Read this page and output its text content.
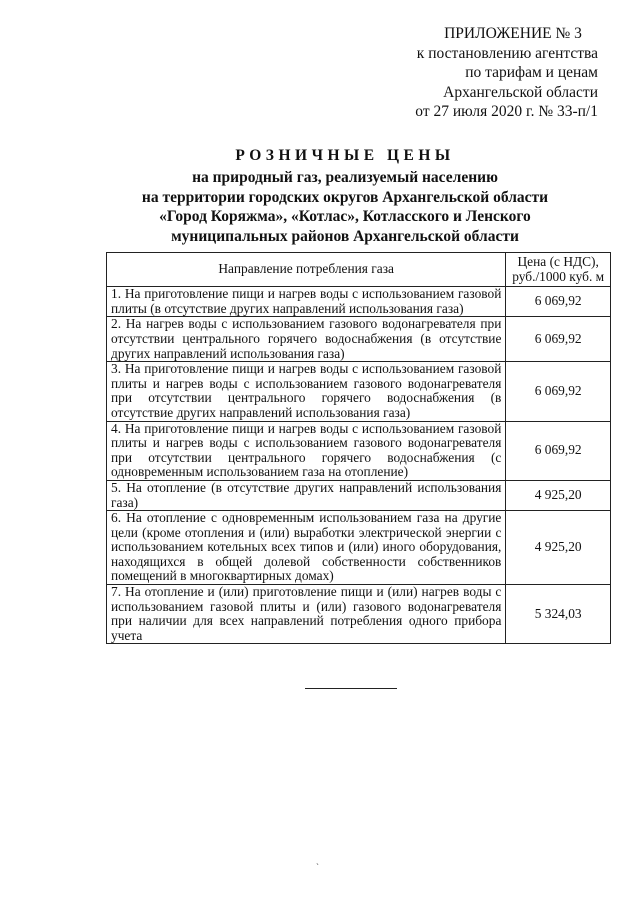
ПРИЛОЖЕНИЕ № 3
к постановлению агентства
по тарифам и ценам
Архангельской области
от 27 июля 2020 г. № 33-п/1
РОЗНИЧНЫЕ ЦЕНЫ
на природный газ, реализуемый населению
на территории городских округов Архангельской области
«Город Коряжма», «Котлас», Котласского и Ленского
муниципальных районов Архангельской области
Направление потребления газа	Цена (с НДС), руб./1000 куб. м
1. На приготовление пищи и нагрев воды с использованием газовой плиты (в отсутствие других направлений использования газа)	6 069,92
2. На нагрев воды с использованием газового водонагревателя при отсутствии центрального горячего водоснабжения (в отсутствие других направлений использования газа)	6 069,92
3. На приготовление пищи и нагрев воды с использованием газовой плиты и нагрев воды с использованием газового водонагревателя при отсутствии центрального горячего водоснабжения (в отсутствие других направлений использования газа)	6 069,92
4. На приготовление пищи и нагрев воды с использованием газовой плиты и нагрев воды с использованием газового водонагревателя при отсутствии центрального горячего водоснабжения (с одновременным использованием газа на отопление)	6 069,92
5. На отопление (в отсутствие других направлений использования газа)	4 925,20
6. На отопление с одновременным использованием газа на другие цели (кроме отопления и (или) выработки электрической энергии с использованием котельных всех типов и (или) иного оборудования, находящихся в общей долевой собственности собственников помещений в многоквартирных домах)	4 925,20
7. На отопление и (или) приготовление пищи и (или) нагрев воды с использованием газовой плиты и (или) газового водонагревателя при наличии для всех направлений потребления одного прибора учета	5 324,03
`
